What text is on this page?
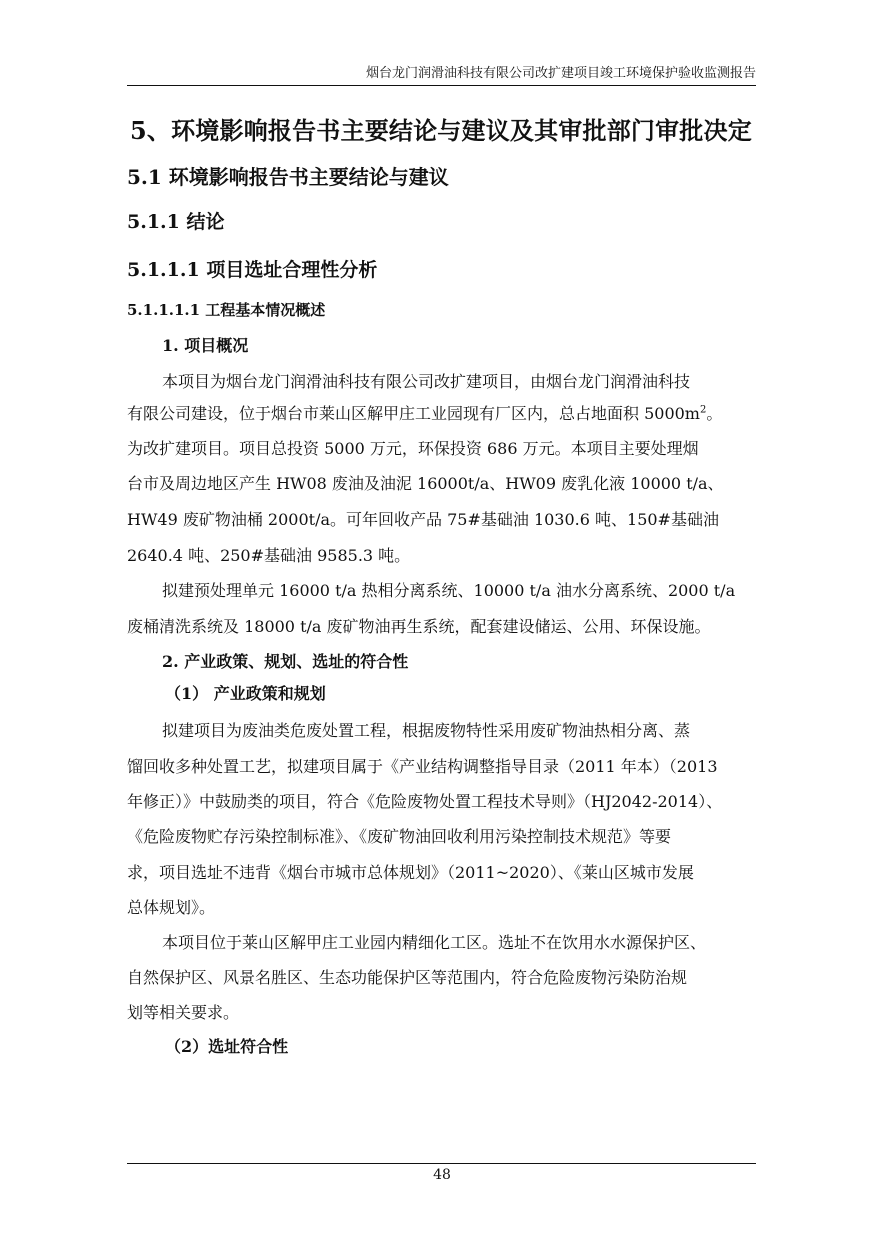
烟台龙门润滑油科技有限公司改扩建项目竣工环境保护验收监测报告
5、环境影响报告书主要结论与建议及其审批部门审批决定
5.1 环境影响报告书主要结论与建议
5.1.1 结论
5.1.1.1 项目选址合理性分析
5.1.1.1.1 工程基本情况概述
1. 项目概况
本项目为烟台龙门润滑油科技有限公司改扩建项目，由烟台龙门润滑油科技
有限公司建设，位于烟台市莱山区解甲庄工业园现有厂区内，总占地面积 $5000m^2$。
为改扩建项目。项目总投资 5000 万元，环保投资 686 万元。本项目主要处理烟
台市及周边地区产生 HW08 废油及油泥 16000t/a、HW09 废乳化液 10000 t/a、
HW49 废矿物油桶 2000t/a。可年回收产品 75#基础油 1030.6 吨、150#基础油
2640.4 吨、250#基础油 9585.3 吨。
拟建预处理单元 16000 t/a 热相分离系统、10000 t/a 油水分离系统、2000 t/a
废桶清洗系统及 18000 t/a 废矿物油再生系统，配套建设储运、公用、环保设施。
2. 产业政策、规划、选址的符合性
（1） 产业政策和规划
拟建项目为废油类危废处置工程，根据废物特性采用废矿物油热相分离、蒸
馏回收多种处置工艺，拟建项目属于《产业结构调整指导目录（2011 年本）（2013
年修正）》中鼓励类的项目，符合《危险废物处置工程技术导则》（HJ2042-2014）、
《危险废物贮存污染控制标准》、《废矿物油回收利用污染控制技术规范》等要
求，项目选址不违背《烟台市城市总体规划》（2011~2020）、《莱山区城市发展
总体规划》。
本项目位于莱山区解甲庄工业园内精细化工区。选址不在饮用水水源保护区、
自然保护区、风景名胜区、生态功能保护区等范围内，符合危险废物污染防治规
划等相关要求。
（2）选址符合性
48
